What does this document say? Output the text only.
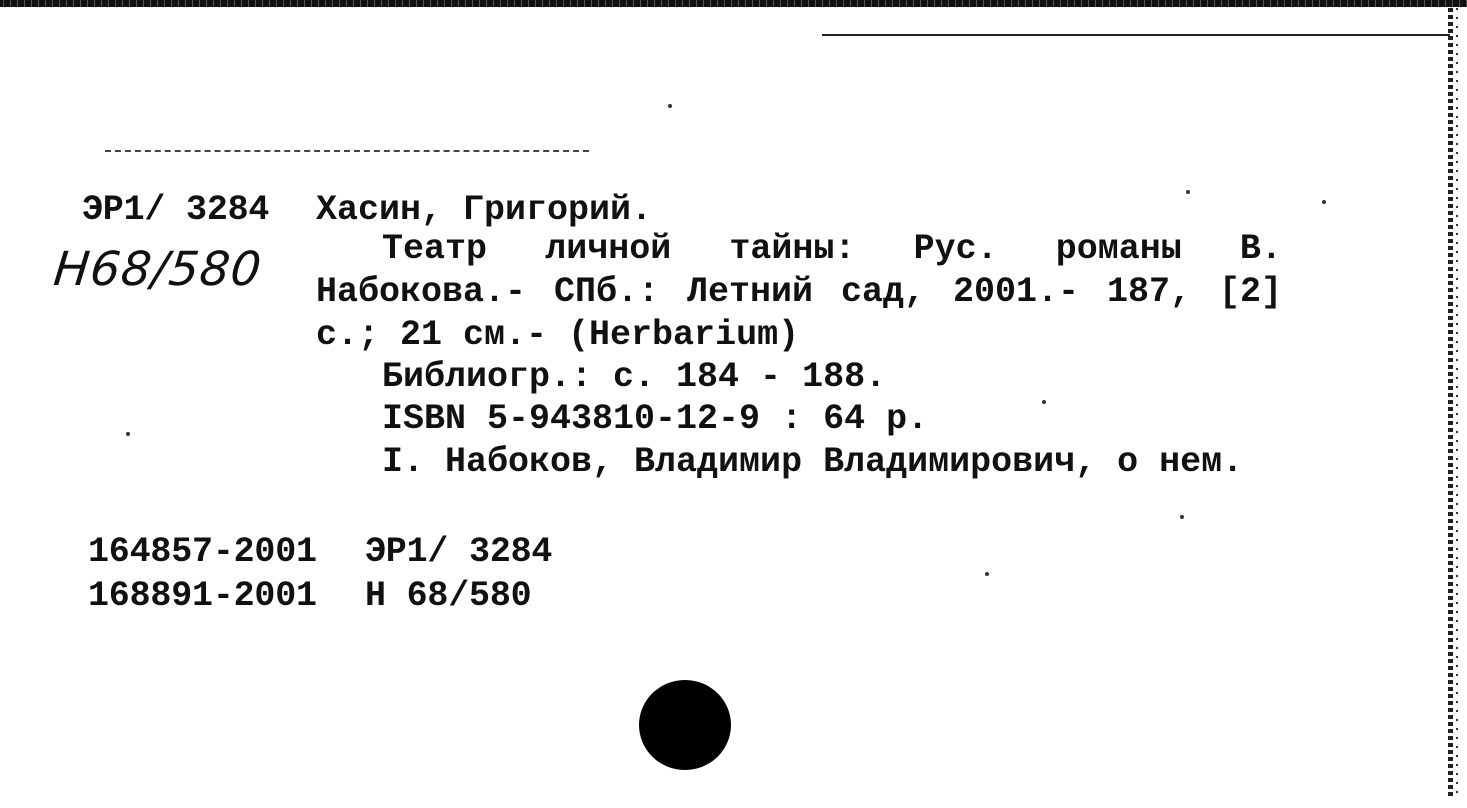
ЭР1/ 3284
H68/580
Хасин, Григорий.
Театр личной тайны: Рус. романы В.
Набокова.- СПб.: Летний сад, 2001.- 187, [2]
с.; 21 см.- (Herbarium)
Библиогр.: с. 184 - 188.
ISBN 5-943810-12-9 : 64 р.
I. Набоков, Владимир Владимирович, о нем.
164857-2001 ЭР1/ 3284
168891-2001 Н 68/580
